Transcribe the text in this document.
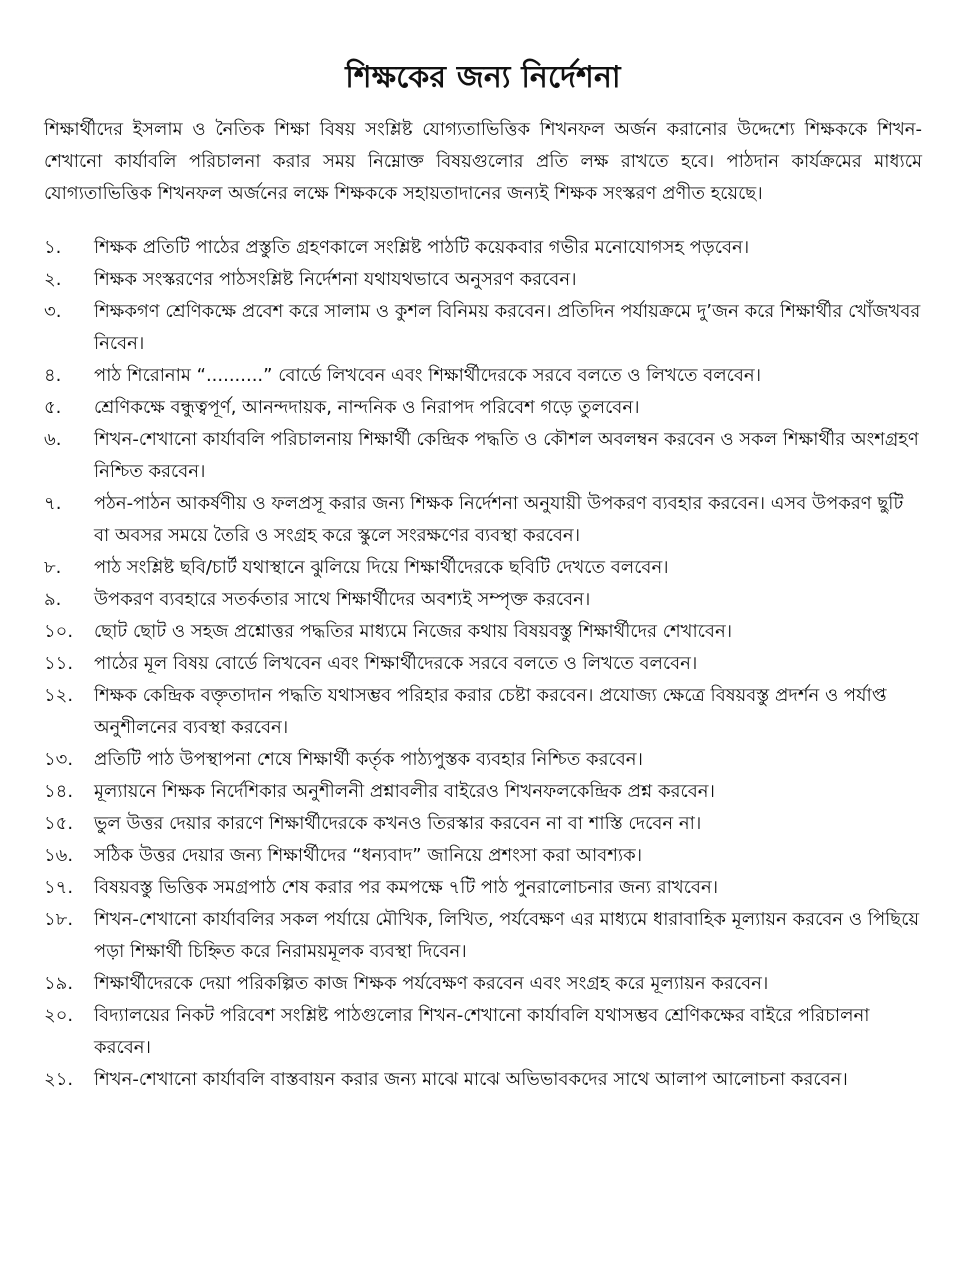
শিক্ষকের জন্য নির্দেশনা

শিক্ষার্থীদের ইসলাম ও নৈতিক শিক্ষা বিষয় সংশ্লিষ্ট যোগ্যতাভিত্তিক শিখনফল অর্জন করানোর উদ্দেশ্যে শিক্ষককে শিখন-শেখানো কার্যাবলি পরিচালনা করার সময় নিম্নোক্ত বিষয়গুলোর প্রতি লক্ষ রাখতে হবে। পাঠদান কার্যক্রমের মাধ্যমে যোগ্যতাভিত্তিক শিখনফল অর্জনের লক্ষে শিক্ষককে সহায়তাদানের জন্যই শিক্ষক সংস্করণ প্রণীত হয়েছে।

১.	শিক্ষক প্রতিটি পাঠের প্রস্তুতি গ্রহণকালে সংশ্লিষ্ট পাঠটি কয়েকবার গভীর মনোযোগসহ পড়বেন।
২.	শিক্ষক সংস্করণের পাঠসংশ্লিষ্ট নির্দেশনা যথাযথভাবে অনুসরণ করবেন।
৩.	শিক্ষকগণ শ্রেণিকক্ষে প্রবেশ করে সালাম ও কুশল বিনিময় করবেন। প্রতিদিন পর্যায়ক্রমে দু’জন করে শিক্ষার্থীর খোঁজখবর নিবেন।
৪.	পাঠ শিরোনাম “..........” বোর্ডে লিখবেন এবং শিক্ষার্থীদেরকে সরবে বলতে ও লিখতে বলবেন।
৫.	শ্রেণিকক্ষে বন্ধুত্বপূর্ণ, আনন্দদায়ক, নান্দনিক ও নিরাপদ পরিবেশ গড়ে তুলবেন।
৬.	শিখন-শেখানো কার্যাবলি পরিচালনায় শিক্ষার্থী কেন্দ্রিক পদ্ধতি ও কৌশল অবলম্বন করবেন ও সকল শিক্ষার্থীর অংশগ্রহণ নিশ্চিত করবেন।
৭.	পঠন-পাঠন আকর্ষণীয় ও ফলপ্রসূ করার জন্য শিক্ষক নির্দেশনা অনুযায়ী উপকরণ ব্যবহার করবেন। এসব উপকরণ ছুটি বা অবসর সময়ে তৈরি ও সংগ্রহ করে স্কুলে সংরক্ষণের ব্যবস্থা করবেন।
৮.	পাঠ সংশ্লিষ্ট ছবি/চার্ট যথাস্থানে ঝুলিয়ে দিয়ে শিক্ষার্থীদেরকে ছবিটি দেখতে বলবেন।
৯.	উপকরণ ব্যবহারে সতর্কতার সাথে শিক্ষার্থীদের অবশ্যই সম্পৃক্ত করবেন।
১০.	ছোট ছোট ও সহজ প্রশ্নোত্তর পদ্ধতির মাধ্যমে নিজের কথায় বিষয়বস্তু শিক্ষার্থীদের শেখাবেন।
১১.	পাঠের মূল বিষয় বোর্ডে লিখবেন এবং শিক্ষার্থীদেরকে সরবে বলতে ও লিখতে বলবেন।
১২.	শিক্ষক কেন্দ্রিক বক্তৃতাদান পদ্ধতি যথাসম্ভব পরিহার করার চেষ্টা করবেন। প্রযোজ্য ক্ষেত্রে বিষয়বস্তু প্রদর্শন ও পর্যাপ্ত অনুশীলনের ব্যবস্থা করবেন।
১৩.	প্রতিটি পাঠ উপস্থাপনা শেষে শিক্ষার্থী কর্তৃক পাঠ্যপুস্তক ব্যবহার নিশ্চিত করবেন।
১৪.	মূল্যায়নে শিক্ষক নির্দেশিকার অনুশীলনী প্রশ্নাবলীর বাইরেও শিখনফলকেন্দ্রিক প্রশ্ন করবেন।
১৫.	ভুল উত্তর দেয়ার কারণে শিক্ষার্থীদেরকে কখনও তিরস্কার করবেন না বা শাস্তি দেবেন না।
১৬.	সঠিক উত্তর দেয়ার জন্য শিক্ষার্থীদের “ধন্যবাদ” জানিয়ে প্রশংসা করা আবশ্যক।
১৭.	বিষয়বস্তু ভিত্তিক সমগ্রপাঠ শেষ করার পর কমপক্ষে ৭টি পাঠ পুনরালোচনার জন্য রাখবেন।
১৮.	শিখন-শেখানো কার্যাবলির সকল পর্যায়ে মৌখিক, লিখিত, পর্যবেক্ষণ এর মাধ্যমে ধারাবাহিক মূল্যায়ন করবেন ও পিছিয়ে পড়া শিক্ষার্থী চিহ্নিত করে নিরাময়মূলক ব্যবস্থা দিবেন।
১৯.	শিক্ষার্থীদেরকে দেয়া পরিকল্পিত কাজ শিক্ষক পর্যবেক্ষণ করবেন এবং সংগ্রহ করে মূল্যায়ন করবেন।
২০.	বিদ্যালয়ের নিকট পরিবেশ সংশ্লিষ্ট পাঠগুলোর শিখন-শেখানো কার্যাবলি যথাসম্ভব শ্রেণিকক্ষের বাইরে পরিচালনা করবেন।
২১.	শিখন-শেখানো কার্যাবলি বাস্তবায়ন করার জন্য মাঝে মাঝে অভিভাবকদের সাথে আলাপ আলোচনা করবেন।
